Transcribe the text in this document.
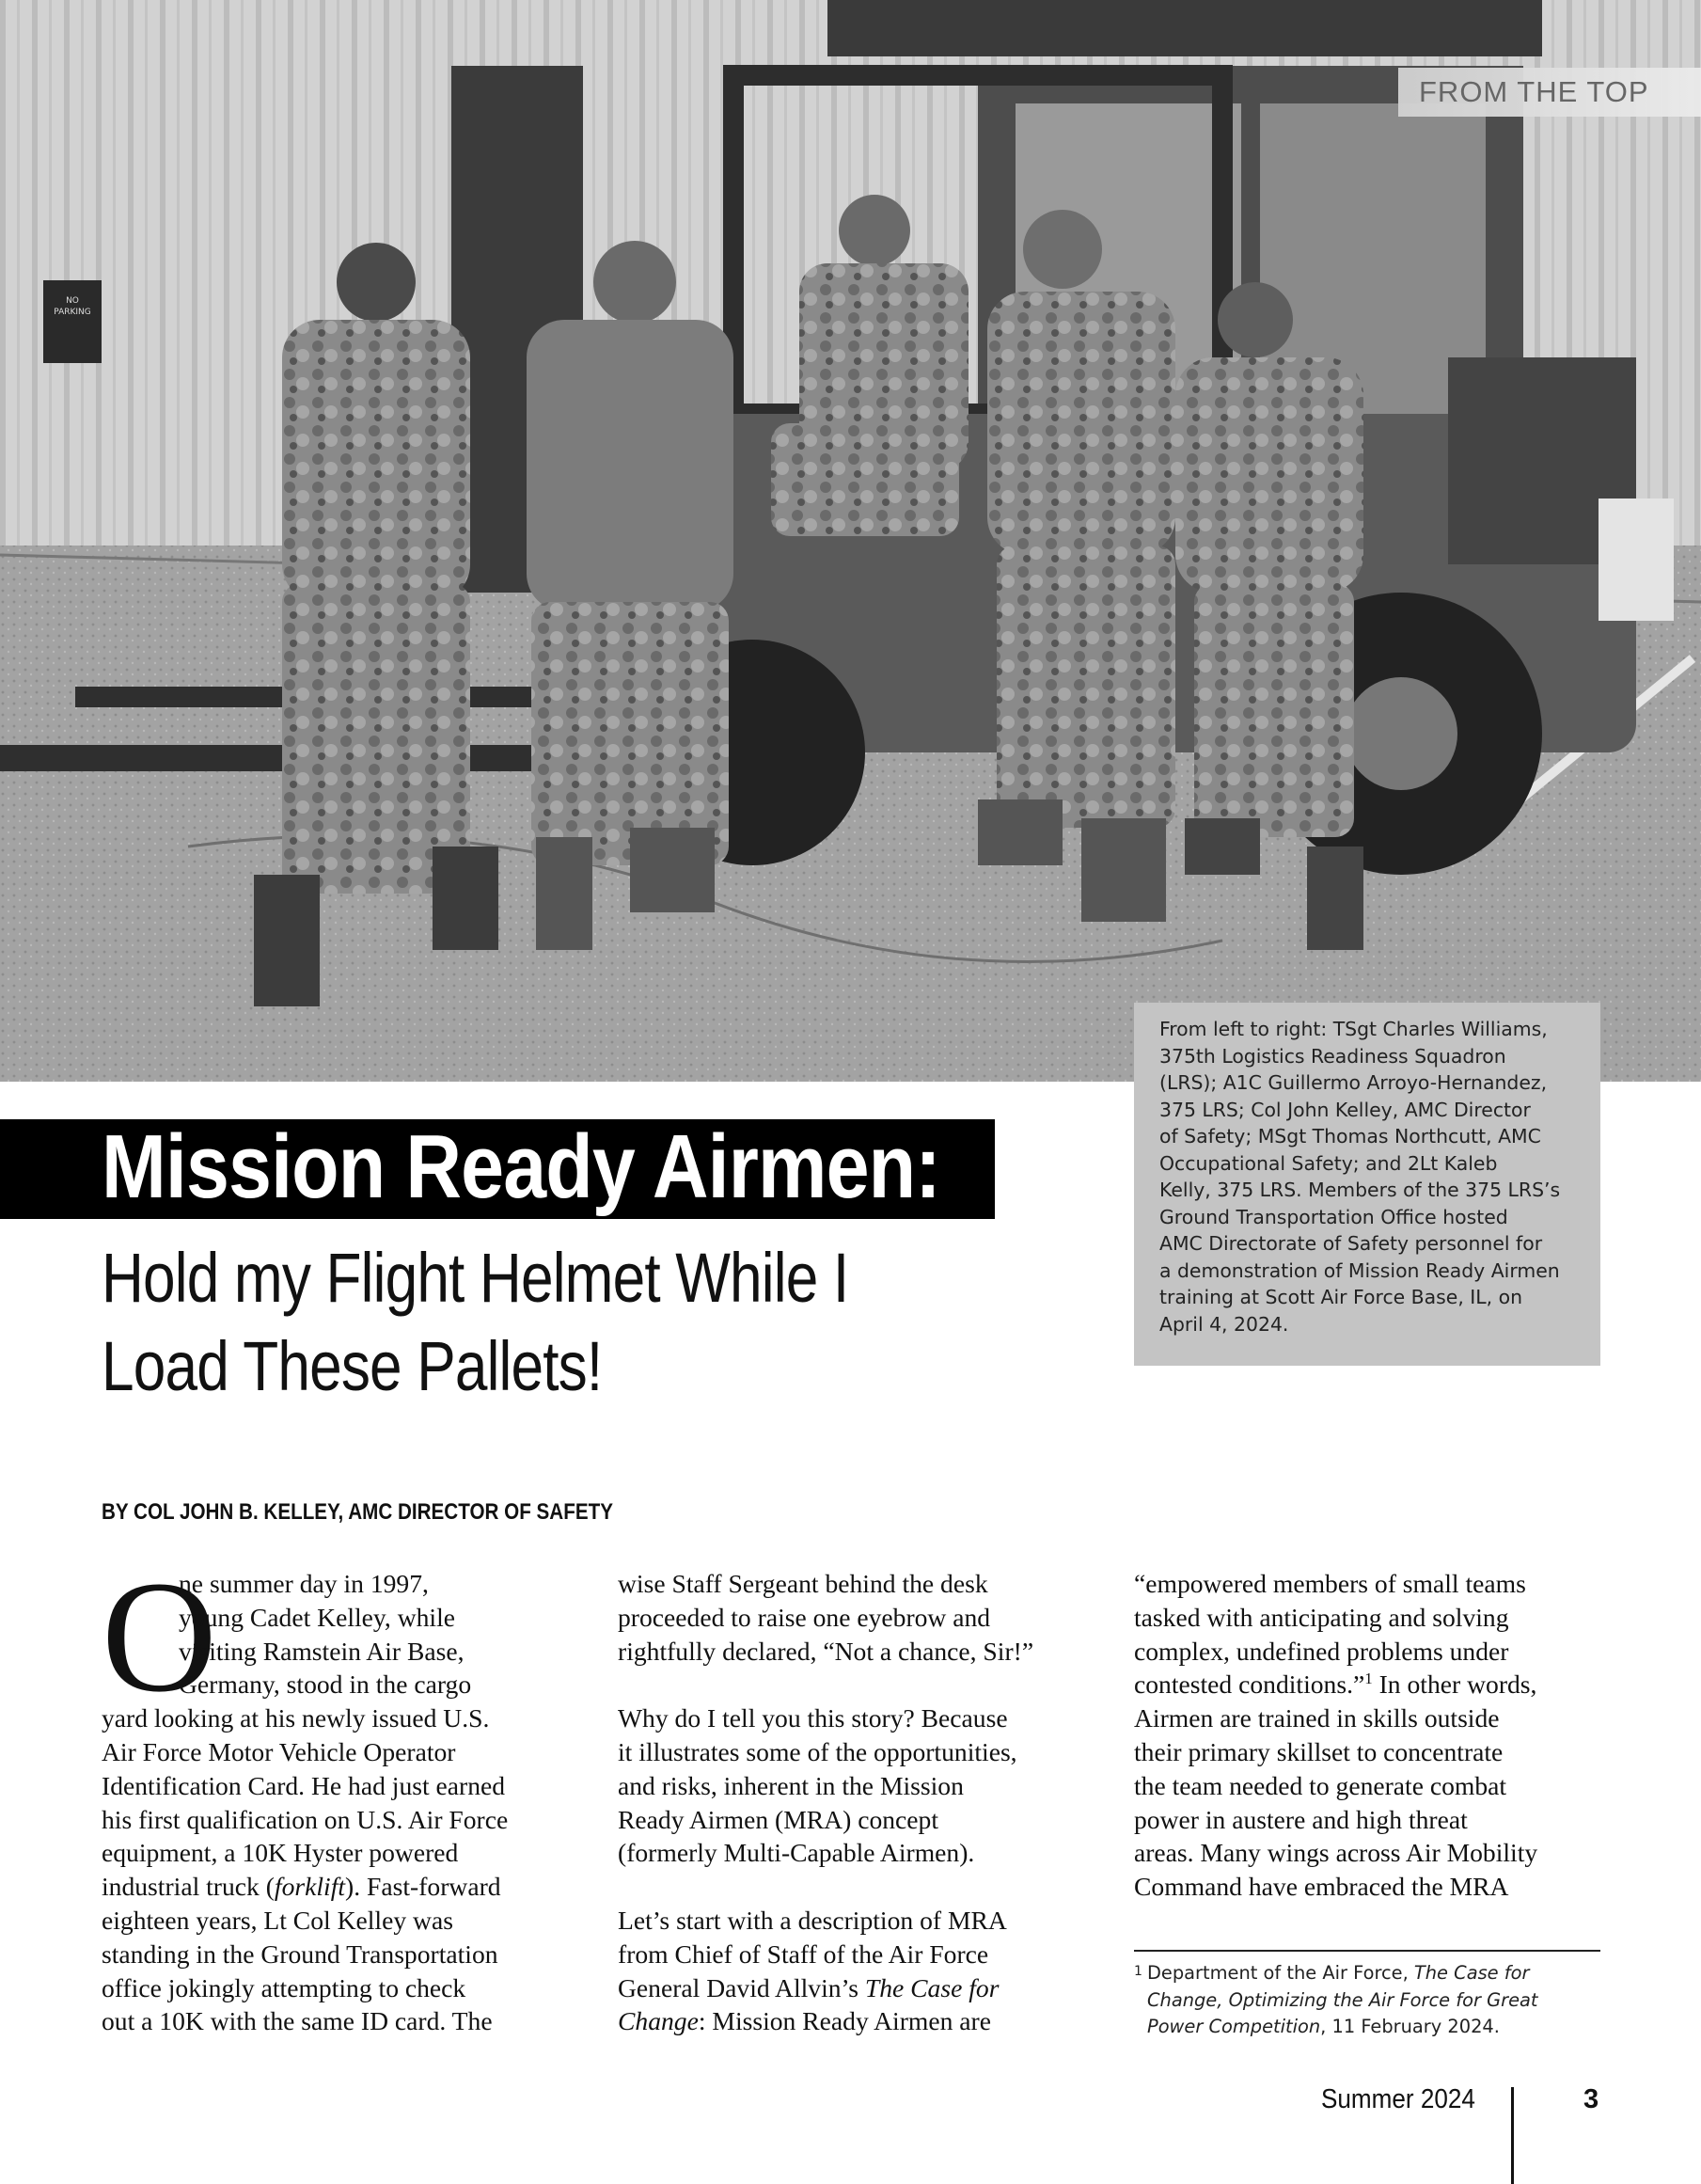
NO
PARKING
FROM THE TOP
From left to right: TSgt Charles Williams,
375th Logistics Readiness Squadron
(LRS); A1C Guillermo Arroyo-Hernandez,
375 LRS; Col John Kelley, AMC Director
of Safety; MSgt Thomas Northcutt, AMC
Occupational Safety; and 2Lt Kaleb
Kelly, 375 LRS. Members of the 375 LRS’s
Ground Transportation Office hosted
AMC Directorate of Safety personnel for
a demonstration of Mission Ready Airmen
training at Scott Air Force Base, IL, on
April 4, 2024.
Mission Ready Airmen:
Hold my Flight Helmet While I
Load These Pallets!
BY COL JOHN B. KELLEY, AMC DIRECTOR OF SAFETY
O
ne summer day in 1997,
young Cadet Kelley, while
visiting Ramstein Air Base,
Germany, stood in the cargo
yard looking at his newly issued U.S.
Air Force Motor Vehicle Operator
Identification Card. He had just earned
his first qualification on U.S. Air Force
equipment, a 10K Hyster powered
industrial truck (forklift). Fast-forward
eighteen years, Lt Col Kelley was
standing in the Ground Transportation
office jokingly attempting to check
out a 10K with the same ID card. The
wise Staff Sergeant behind the desk
proceeded to raise one eyebrow and
rightfully declared, “Not a chance, Sir!”
Why do I tell you this story? Because
it illustrates some of the opportunities,
and risks, inherent in the Mission
Ready Airmen (MRA) concept
(formerly Multi-Capable Airmen).
Let’s start with a description of MRA
from Chief of Staff of the Air Force
General David Allvin’s The Case for
Change: Mission Ready Airmen are
“empowered members of small teams
tasked with anticipating and solving
complex, undefined problems under
contested conditions.”$^1$ In other words,
Airmen are trained in skills outside
their primary skillset to concentrate
the team needed to generate combat
power in austere and high threat
areas. Many wings across Air Mobility
Command have embraced the MRA
1 Department of the Air Force, The Case for
Change, Optimizing the Air Force for Great
Power Competition, 11 February 2024.
Summer 2024	3
